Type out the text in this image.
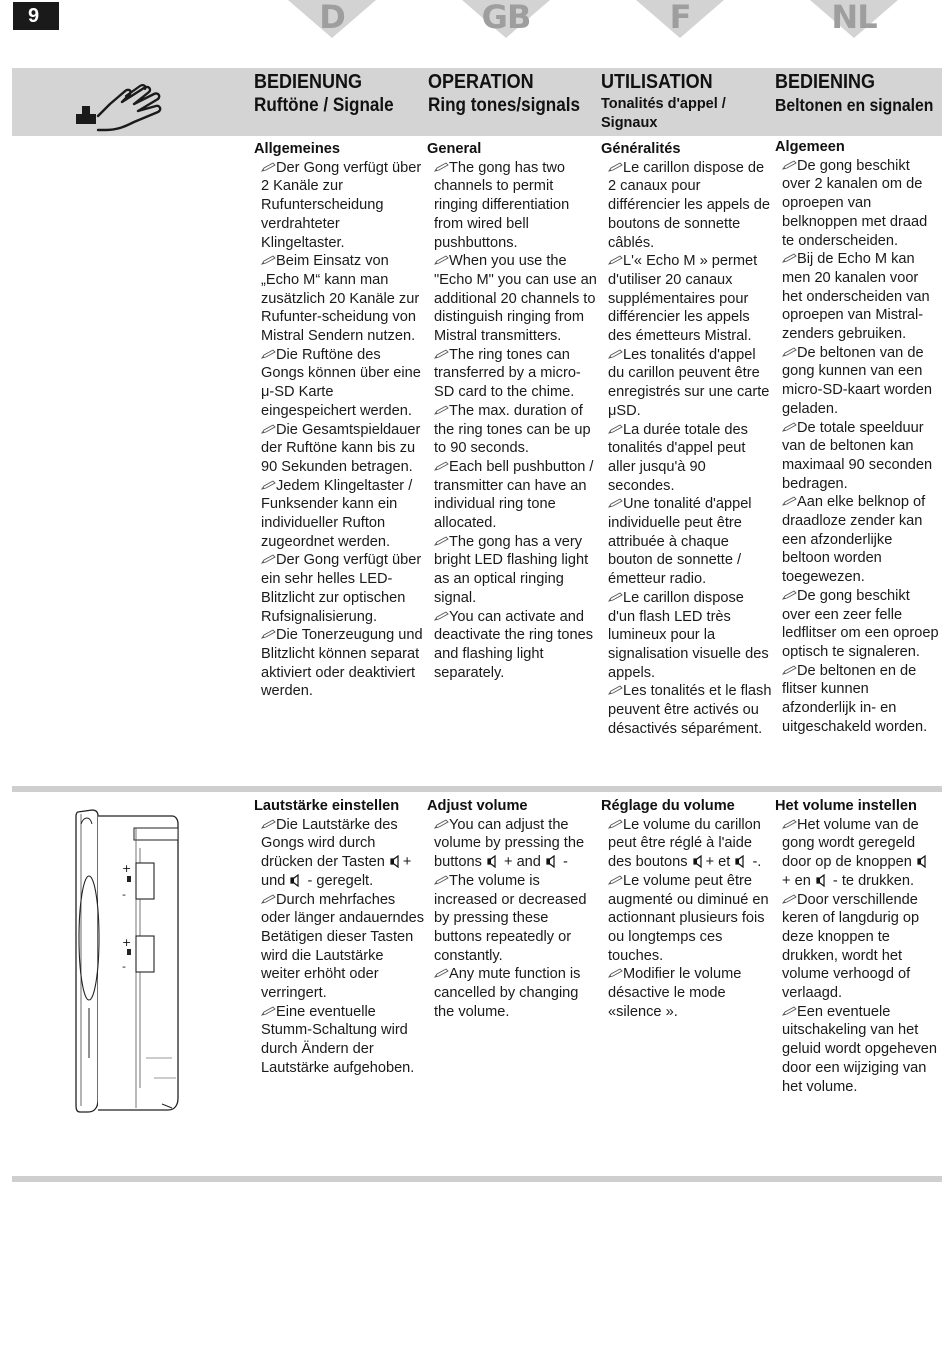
9	D	GB	F	NL
BEDIENUNG
Ruftöne / Signale
OPERATION
Ring tones/signals
UTILISATION
Tonalités d'appel / Signaux
BEDIENING
Beltonen en signalen

Allgemeines

Der Gong verfügt über 2 Kanäle zur Rufunterscheidung verdrahteter Klingeltaster.

Beim Einsatz von „Echo M“ kann man zusätzlich 20 Kanäle zur Rufunter-scheidung von Mistral Sendern nutzen.

Die Ruftöne des Gongs können über eine μ-SD Karte eingespeichert werden.

Die Gesamtspieldauer der Ruftöne kann bis zu 90 Sekunden betragen.

Jedem Klingeltaster / Funksender kann ein individueller Rufton zugeordnet werden.

Der Gong verfügt über ein sehr helles LED-Blitzlicht zur optischen Rufsignalisierung.

Die Tonerzeugung und Blitzlicht können separat aktiviert oder deaktiviert werden.

General

The gong has two channels to permit ringing differentiation from wired bell pushbuttons.

When you use the "Echo M" you can use an additional 20 channels to distinguish ringing from Mistral transmitters.

The ring tones can transferred by a micro-SD card to the chime.

The max. duration of the ring tones can be up to 90 seconds.

Each bell pushbutton / transmitter can have an individual ring tone allocated.

The gong has a very bright LED flashing light as an optical ringing signal.

You can activate and deactivate the ring tones and flashing light separately.

Généralités

Le carillon dispose de 2 canaux pour différencier les appels de boutons de sonnette câblés.

L'« Echo M » permet d'utiliser 20 canaux supplémentaires pour différencier les appels des émetteurs Mistral.

Les tonalités d'appel du carillon peuvent être enregistrés sur une carte μSD.

La durée totale des tonalités d'appel peut aller jusqu'à 90 secondes.

Une tonalité d'appel individuelle peut être attribuée à chaque bouton de sonnette / émetteur radio.

Le carillon dispose d'un flash LED très lumineux pour la signalisation visuelle des appels.

Les tonalités et le flash peuvent être activés ou désactivés séparément.

Algemeen

De gong beschikt over 2 kanalen om de oproepen van belknoppen met draad te onderscheiden.

Bij de Echo M kan men 20 kanalen voor het onderscheiden van oproepen van Mistral-zenders gebruiken.

De beltonen van de gong kunnen van een micro-SD-kaart worden geladen.

De totale speelduur van de beltonen kan maximaal 90 seconden bedragen.

Aan elke belknop of draadloze zender kan een afzonderlijke beltoon worden toegewezen.

De gong beschikt over een zeer felle ledflitser om een oproep optisch te signaleren.

De beltonen en de flitser kunnen afzonderlijk in- en uitgeschakeld worden.

+
-
+
-

Lautstärke einstellen

Die Lautstärke des Gongs wird durch drücken der Tasten + und  - geregelt.

Durch mehrfaches oder länger andauerndes Betätigen dieser Tasten wird die Lautstärke weiter erhöht oder verringert.

Eine eventuelle Stumm-Schaltung wird durch Ändern der Lautstärke aufgehoben.

Adjust volume

You can adjust the volume by pressing the buttons  + and  -

The volume is increased or decreased by pressing these buttons repeatedly or constantly.

Any mute function is cancelled by changing the volume.

Réglage du volume

Le volume du carillon peut être réglé à l'aide des boutons + et  -.

Le volume peut être augmenté ou diminué en actionnant plusieurs fois ou longtemps ces touches.

Modifier le volume désactive le mode «silence ».

Het volume instellen

Het volume van de gong wordt geregeld door op de knoppen  + en  - te drukken.

Door verschillende keren of langdurig op deze knoppen te drukken, wordt het volume verhoogd of verlaagd.

Een eventuele uitschakeling van het geluid wordt opgeheven door een wijziging van het volume.
